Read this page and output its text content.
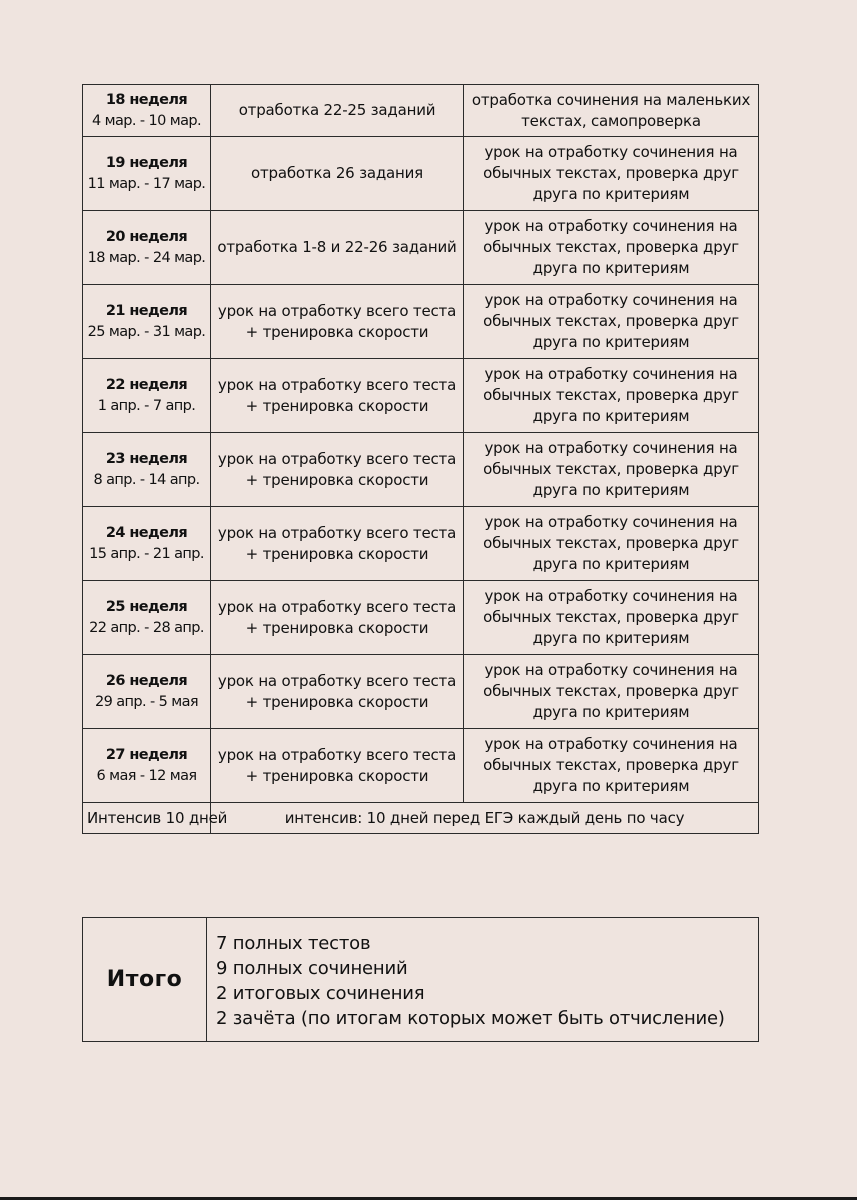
18 неделя
4 мар. - 10 мар.	отработка 22-25 заданий	отработка сочинения на маленьких текстах, самопроверка

19 неделя
11 мар. - 17 мар.	отработка 26 задания	урок на отработку сочинения на обычных текстах, проверка друг друга по критериям

20 неделя
18 мар. - 24 мар.	отработка 1-8 и 22-26 заданий	урок на отработку сочинения на обычных текстах, проверка друг друга по критериям

21 неделя
25 мар. - 31 мар.	урок на отработку всего теста + тренировка скорости	урок на отработку сочинения на обычных текстах, проверка друг друга по критериям

22 неделя
1 апр. - 7 апр.	урок на отработку всего теста + тренировка скорости	урок на отработку сочинения на обычных текстах, проверка друг друга по критериям

23 неделя
8 апр. - 14 апр.	урок на отработку всего теста + тренировка скорости	урок на отработку сочинения на обычных текстах, проверка друг друга по критериям

24 неделя
15 апр. - 21 апр.	урок на отработку всего теста + тренировка скорости	урок на отработку сочинения на обычных текстах, проверка друг друга по критериям

25 неделя
22 апр. - 28 апр.	урок на отработку всего теста + тренировка скорости	урок на отработку сочинения на обычных текстах, проверка друг друга по критериям

26 неделя
29 апр. - 5 мая	урок на отработку всего теста + тренировка скорости	урок на отработку сочинения на обычных текстах, проверка друг друга по критериям

27 неделя
6 мая - 12 мая	урок на отработку всего теста + тренировка скорости	урок на отработку сочинения на обычных текстах, проверка друг друга по критериям
Интенсив 10 дней	интенсив: 10 дней перед ЕГЭ каждый день по часу	
Итого
7 полных тестов
9 полных сочинений
2 итоговых сочинения
2 зачёта (по итогам которых может быть отчисление)
